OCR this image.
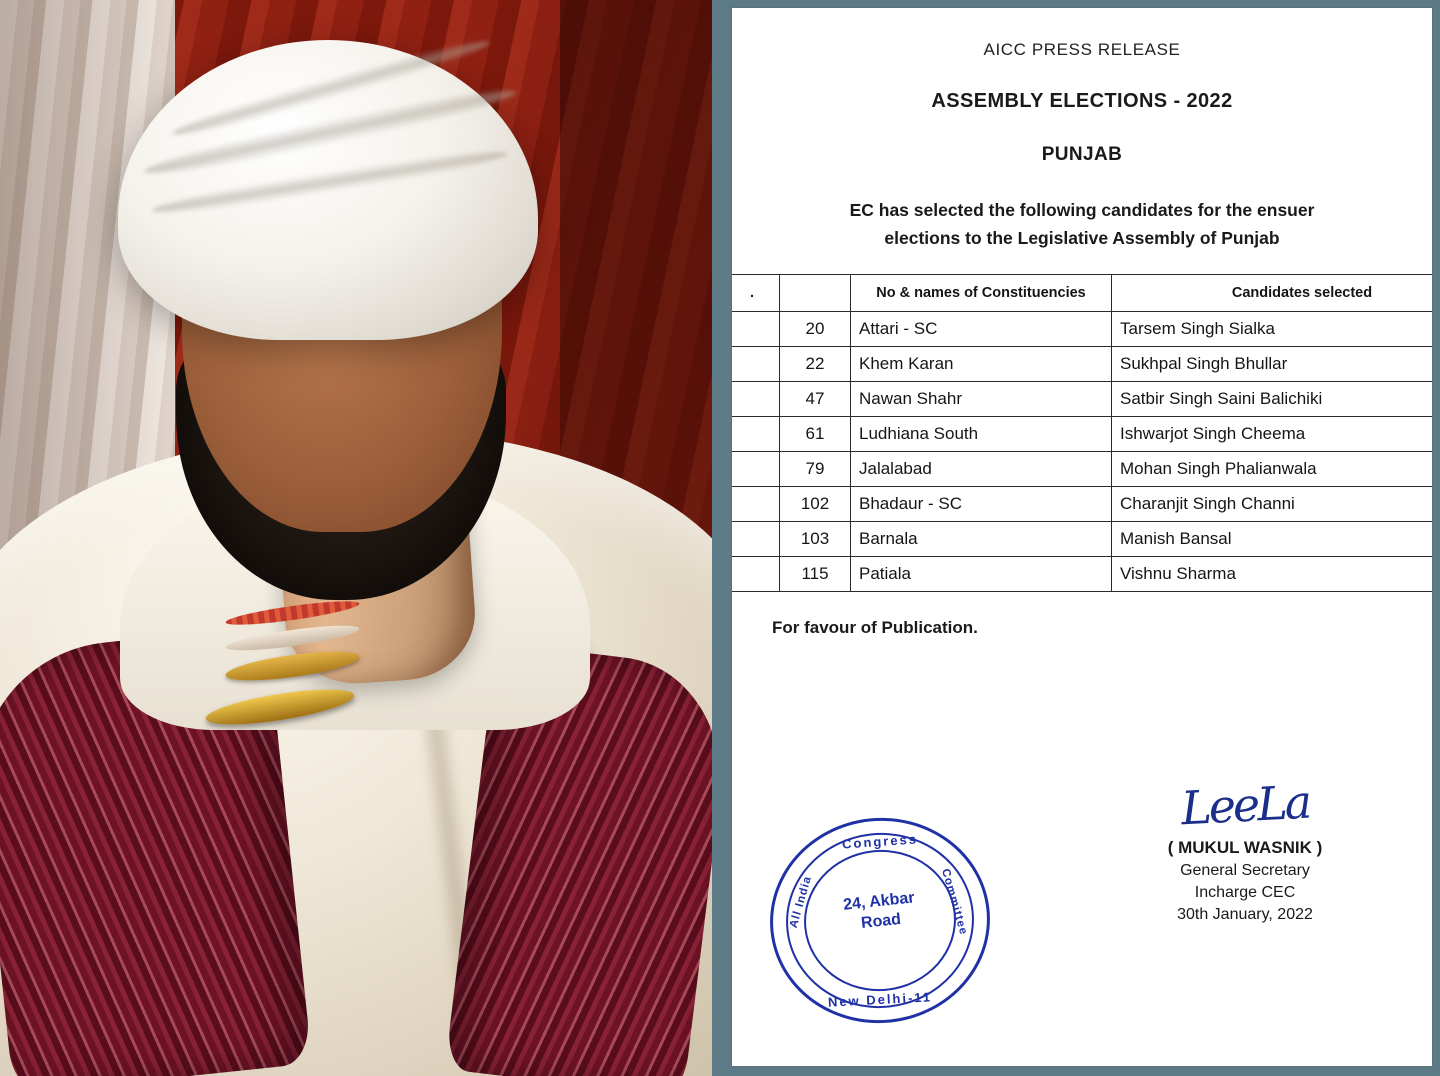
AICC PRESS RELEASE
ASSEMBLY ELECTIONS - 2022
PUNJAB
EC has selected the following candidates for the ensuer
elections to the Legislative Assembly of Punjab
.		No & names of Constituencies	Candidates selected
	20	Attari - SC	Tarsem Singh Sialka
	22	Khem Karan	Sukhpal Singh Bhullar
	47	Nawan Shahr	Satbir Singh Saini Balichiki
	61	Ludhiana South	Ishwarjot Singh Cheema
	79	Jalalabad	Mohan Singh Phalianwala
	102	Bhadaur - SC	Charanjit Singh Channi
	103	Barnala	Manish Bansal
	115	Patiala	Vishnu Sharma
For favour of Publication.
LeeLa
( MUKUL WASNIK )
General Secretary
Incharge CEC
30th January, 2022
Congress
All India	Committee
24, Akbar
Road
New Delhi-11
